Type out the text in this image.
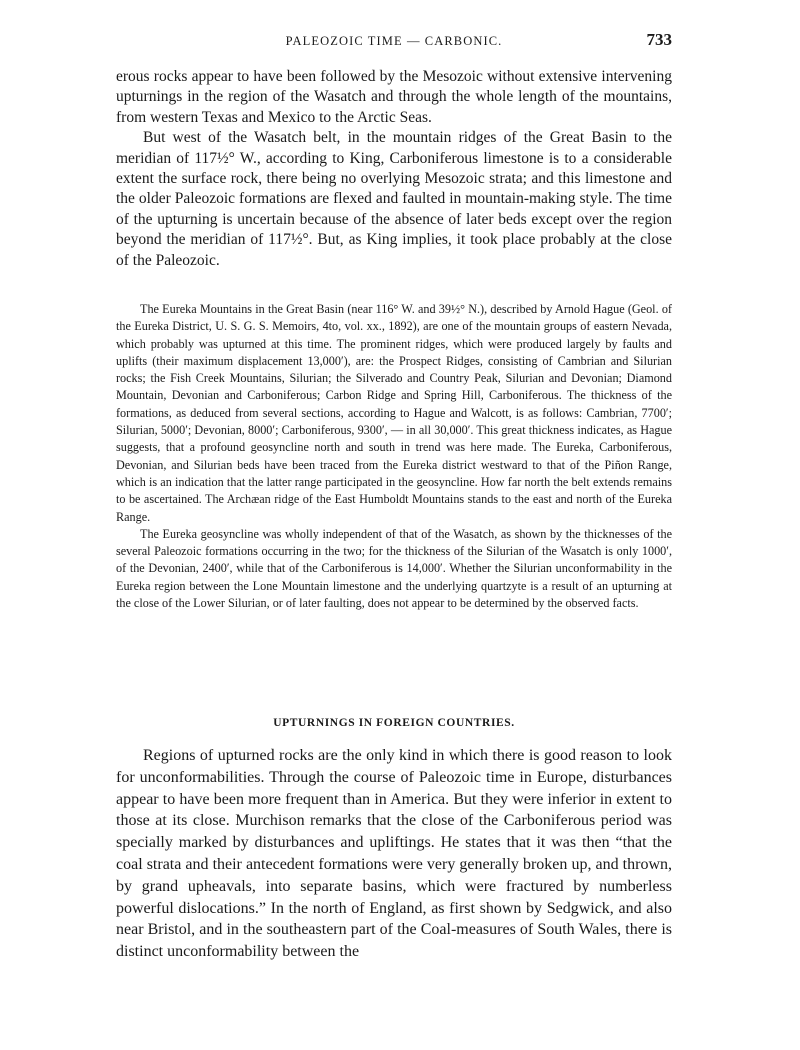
PALEOZOIC TIME — CARBONIC.	733

erous rocks appear to have been followed by the Mesozoic without extensive intervening upturnings in the region of the Wasatch and through the whole length of the mountains, from western Texas and Mexico to the Arctic Seas.

But west of the Wasatch belt, in the mountain ridges of the Great Basin to the meridian of 117½° W., according to King, Carboniferous limestone is to a considerable extent the surface rock, there being no overlying Mesozoic strata; and this limestone and the older Paleozoic formations are flexed and faulted in mountain-making style. The time of the upturning is uncertain because of the absence of later beds except over the region beyond the meridian of 117½°. But, as King implies, it took place probably at the close of the Paleozoic.

The Eureka Mountains in the Great Basin (near 116° W. and 39½° N.), described by Arnold Hague (Geol. of the Eureka District, U. S. G. S. Memoirs, 4to, vol. xx., 1892), are one of the mountain groups of eastern Nevada, which probably was upturned at this time. The prominent ridges, which were produced largely by faults and uplifts (their maximum displacement 13,000′), are: the Prospect Ridges, consisting of Cambrian and Silurian rocks; the Fish Creek Mountains, Silurian; the Silverado and Country Peak, Silurian and Devonian; Diamond Mountain, Devonian and Carboniferous; Carbon Ridge and Spring Hill, Carboniferous. The thickness of the formations, as deduced from several sections, according to Hague and Walcott, is as follows: Cambrian, 7700′; Silurian, 5000′; Devonian, 8000′; Carboniferous, 9300′, — in all 30,000′. This great thickness indicates, as Hague suggests, that a profound geosyncline north and south in trend was here made. The Eureka, Carboniferous, Devonian, and Silurian beds have been traced from the Eureka district westward to that of the Piñon Range, which is an indication that the latter range participated in the geosyncline. How far north the belt extends remains to be ascertained. The Archæan ridge of the East Humboldt Mountains stands to the east and north of the Eureka Range.

The Eureka geosyncline was wholly independent of that of the Wasatch, as shown by the thicknesses of the several Paleozoic formations occurring in the two; for the thickness of the Silurian of the Wasatch is only 1000′, of the Devonian, 2400′, while that of the Carboniferous is 14,000′. Whether the Silurian unconformability in the Eureka region between the Lone Mountain limestone and the underlying quartzyte is a result of an upturning at the close of the Lower Silurian, or of later faulting, does not appear to be determined by the observed facts.

UPTURNINGS IN FOREIGN COUNTRIES.

Regions of upturned rocks are the only kind in which there is good reason to look for unconformabilities. Through the course of Paleozoic time in Europe, disturbances appear to have been more frequent than in America. But they were inferior in extent to those at its close. Murchison remarks that the close of the Carboniferous period was specially marked by disturbances and upliftings. He states that it was then “that the coal strata and their antecedent formations were very generally broken up, and thrown, by grand upheavals, into separate basins, which were fractured by numberless powerful dislocations.” In the north of England, as first shown by Sedgwick, and also near Bristol, and in the southeastern part of the Coal-measures of South Wales, there is distinct unconformability between the
